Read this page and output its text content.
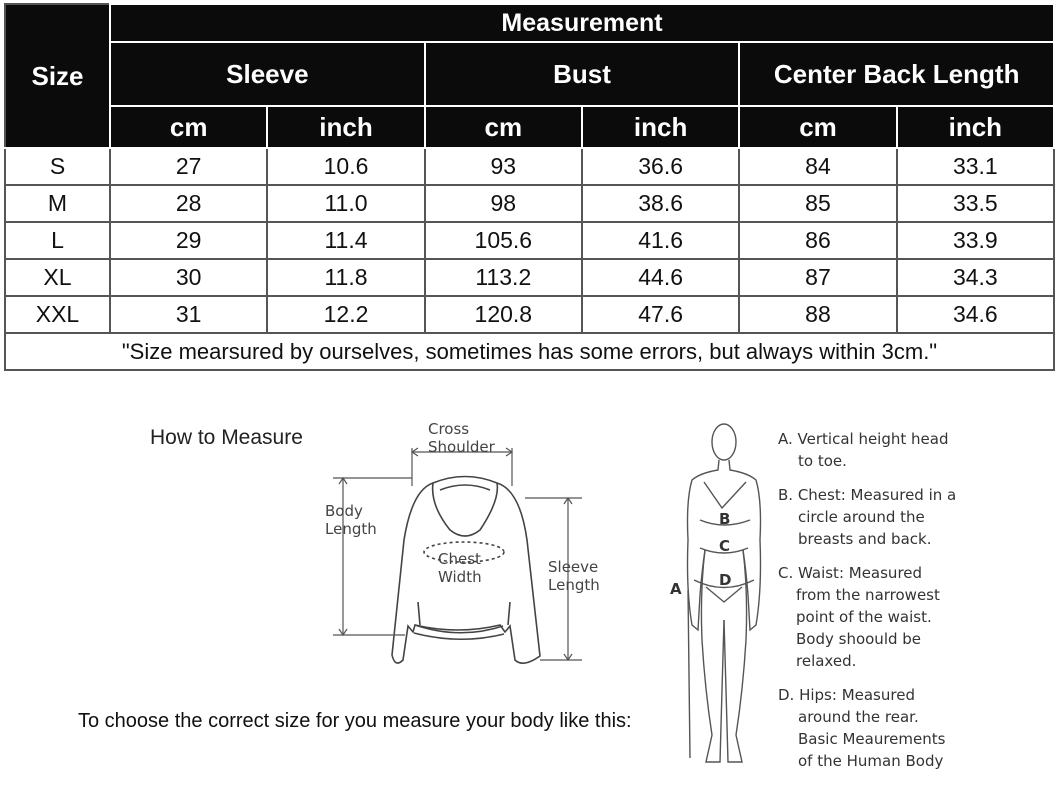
Size	Measurement					
	Sleeve		Bust		Center Back Length	
	cm	inch	cm	inch	cm	inch
S	27	10.6	93	36.6	84	33.1
M	28	11.0	98	38.6	85	33.5
L	29	11.4	105.6	41.6	86	33.9
XL	30	11.8	113.2	44.6	87	34.3
XXL	31	12.2	120.8	47.6	88	34.6
"Size mearsured by ourselves, sometimes has some errors, but always within 3cm."						
How to Measure	Cross
Shoulder
Body
Length
Chest
Width
Sleeve
Length	A
B
C
D
To choose the correct size for you measure your body like this:
A. Vertical height head
to toe.
B. Chest: Measured in a
circle around the
breasts and back.
C. Waist: Measured
from the narrowest
point of the waist.
Body shoould be
relaxed.
D. Hips: Measured
around the rear.
Basic Meaurements
of the Human Body
